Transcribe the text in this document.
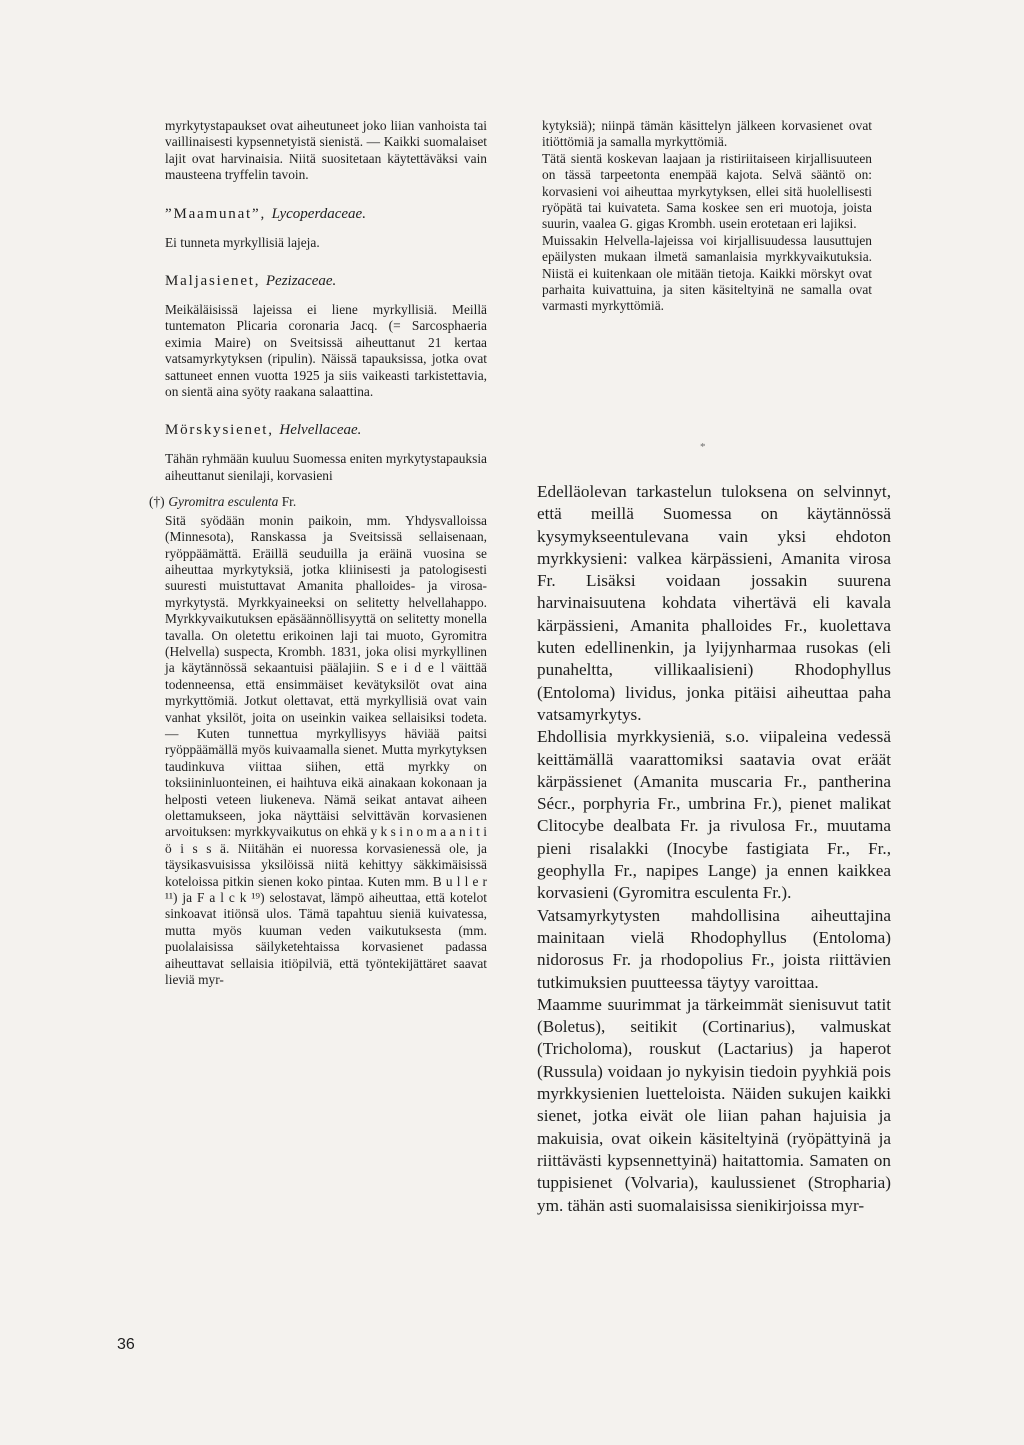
myrkytystapaukset ovat aiheutuneet joko liian vanhoista tai vaillinaisesti kypsennetyistä sienistä. — Kaikki suomalaiset lajit ovat harvinaisia. Niitä suositetaan käytettäväksi vain mausteena tryffelin tavoin.

”Maamunat”, Lycoperdaceae.

Ei tunneta myrkyllisiä lajeja.

Maljasienet, Pezizaceae.

Meikäläisissä lajeissa ei liene myrkyllisiä. Meillä tuntematon Plicaria coronaria Jacq. (= Sarcosphaeria eximia Maire) on Sveitsissä aiheuttanut 21 kertaa vatsamyrkytyksen (ripulin). Näissä tapauksissa, jotka ovat sattuneet ennen vuotta 1925 ja siis vaikeasti tarkistettavia, on sientä aina syöty raakana salaattina.

Mörskysienet, Helvellaceae.

Tähän ryhmään kuuluu Suomessa eniten myrkytystapauksia aiheuttanut sienilaji, korvasieni

(†) Gyromitra esculenta Fr.

Sitä syödään monin paikoin, mm. Yhdysvalloissa (Minnesota), Ranskassa ja Sveitsissä sellaisenaan, ryöppäämättä. Eräillä seuduilla ja eräinä vuosina se aiheuttaa myrkytyksiä, jotka kliinisesti ja patologisesti suuresti muistuttavat Amanita phalloides- ja virosa-myrkytystä. Myrkkyaineeksi on selitetty helvellahappo. Myrkkyvaikutuksen epäsäännöllisyyttä on selitetty monella tavalla. On oletettu erikoinen laji tai muoto, Gyromitra (Helvella) suspecta, Krombh. 1831, joka olisi myrkyllinen ja käytännössä sekaantuisi päälajiin. S e i d e l väittää todenneensa, että ensimmäiset kevätyksilöt ovat aina myrkyttömiä. Jotkut olettavat, että myrkyllisiä ovat vain vanhat yksilöt, joita on useinkin vaikea sellaisiksi todeta. — Kuten tunnettua myrkyllisyys häviää paitsi ryöppäämällä myös kuivaamalla sienet. Mutta myrkytyksen taudinkuva viittaa siihen, että myrkky on toksiininluonteinen, ei haihtuva eikä ainakaan kokonaan ja helposti veteen liukeneva. Nämä seikat antavat aiheen olettamukseen, joka näyttäisi selvittävän korvasienen arvoituksen: myrkkyvaikutus on ehkä y k s i n o m a a n i t i ö i s s ä. Niitähän ei nuoressa korvasienessä ole, ja täysikasvuisissa yksilöissä niitä kehittyy säkkimäisissä koteloissa pitkin sienen koko pintaa. Kuten mm. B u l l e r ¹¹) ja F a l c k ¹⁹) selostavat, lämpö aiheuttaa, että kotelot sinkoavat itiönsä ulos. Tämä tapahtuu sieniä kuivatessa, mutta myös kuuman veden vaikutuksesta (mm. puolalaisissa säilyketehtaissa korvasienet padassa aiheuttavat sellaisia itiöpilviä, että työntekijättäret saavat lieviä myr-

kytyksiä); niinpä tämän käsittelyn jälkeen korvasienet ovat itiöttömiä ja samalla myrkyttömiä.

Tätä sientä koskevan laajaan ja ristiriitaiseen kirjallisuuteen on tässä tarpeetonta enempää kajota. Selvä sääntö on: korvasieni voi aiheuttaa myrkytyksen, ellei sitä huolellisesti ryöpätä tai kuivateta. Sama koskee sen eri muotoja, joista suurin, vaalea G. gigas Krombh. usein erotetaan eri lajiksi.

Muissakin Helvella-lajeissa voi kirjallisuudessa lausuttujen epäilysten mukaan ilmetä samanlaisia myrkkyvaikutuksia. Niistä ei kuitenkaan ole mitään tietoja. Kaikki mörskyt ovat parhaita kuivattuina, ja siten käsiteltyinä ne samalla ovat varmasti myrkyttömiä.

*

Edelläolevan tarkastelun tuloksena on selvinnyt, että meillä Suomessa on käytännössä kysymykseentulevana vain yksi ehdoton myrkkysieni: valkea kärpässieni, Amanita virosa Fr. Lisäksi voidaan jossakin suurena harvinaisuutena kohdata vihertävä eli kavala kärpässieni, Amanita phalloides Fr., kuolettava kuten edellinenkin, ja lyijynharmaa rusokas (eli punaheltta, villikaalisieni) Rhodophyllus (Entoloma) lividus, jonka pitäisi aiheuttaa paha vatsamyrkytys.

Ehdollisia myrkkysieniä, s.o. viipaleina vedessä keittämällä vaarattomiksi saatavia ovat eräät kärpässienet (Amanita muscaria Fr., pantherina Sécr., porphyria Fr., umbrina Fr.), pienet malikat Clitocybe dealbata Fr. ja rivulosa Fr., muutama pieni risalakki (Inocybe fastigiata Fr., Fr., geophylla Fr., napipes Lange) ja ennen kaikkea korvasieni (Gyromitra esculenta Fr.).

Vatsamyrkytysten mahdollisina aiheuttajina mainitaan vielä Rhodophyllus (Entoloma) nidorosus Fr. ja rhodopolius Fr., joista riittävien tutkimuksien puutteessa täytyy varoittaa.

Maamme suurimmat ja tärkeimmät sienisuvut tatit (Boletus), seitikit (Cortinarius), valmuskat (Tricholoma), rouskut (Lactarius) ja haperot (Russula) voidaan jo nykyisin tiedoin pyyhkiä pois myrkkysienien luetteloista. Näiden sukujen kaikki sienet, jotka eivät ole liian pahan hajuisia ja makuisia, ovat oikein käsiteltyinä (ryöpättyinä ja riittävästi kypsennettyinä) haitattomia. Samaten on tuppisienet (Volvaria), kaulussienet (Stropharia) ym. tähän asti suomalaisissa sienikirjoissa myr-

36
